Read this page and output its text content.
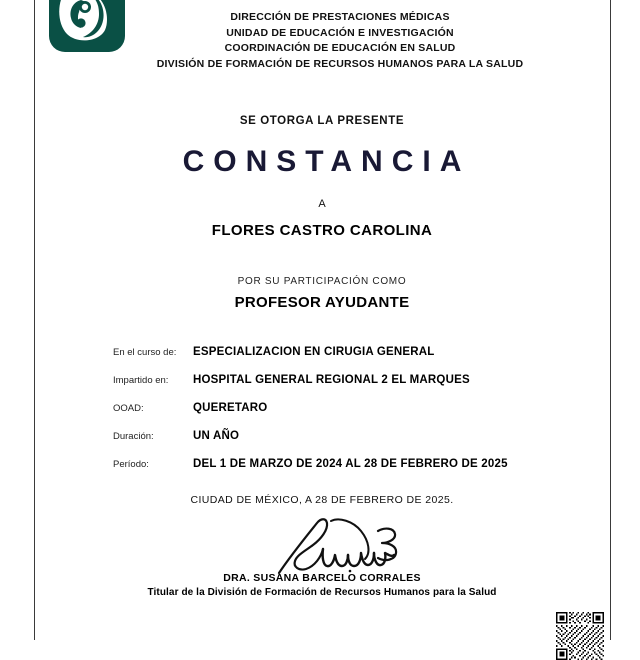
DIRECCIÓN DE PRESTACIONES MÉDICAS
UNIDAD DE EDUCACIÓN E INVESTIGACIÓN
COORDINACIÓN DE EDUCACIÓN EN SALUD
DIVISIÓN DE FORMACIÓN DE RECURSOS HUMANOS PARA LA SALUD
SE OTORGA LA PRESENTE
CONSTANCIA
A
FLORES CASTRO CAROLINA
POR SU PARTICIPACIÓN COMO
PROFESOR AYUDANTE
En el curso de:	ESPECIALIZACION EN CIRUGIA GENERAL
Impartido en:	HOSPITAL GENERAL REGIONAL 2 EL MARQUES
OOAD:	QUERETARO
Duración:	UN AÑO
Período:	DEL 1 DE MARZO DE 2024 AL 28 DE FEBRERO DE 2025
CIUDAD DE MÉXICO, A 28 DE FEBRERO DE 2025.
DRA. SUSANA BARCELO CORRALES
Titular de la División de Formación de Recursos Humanos para la Salud
